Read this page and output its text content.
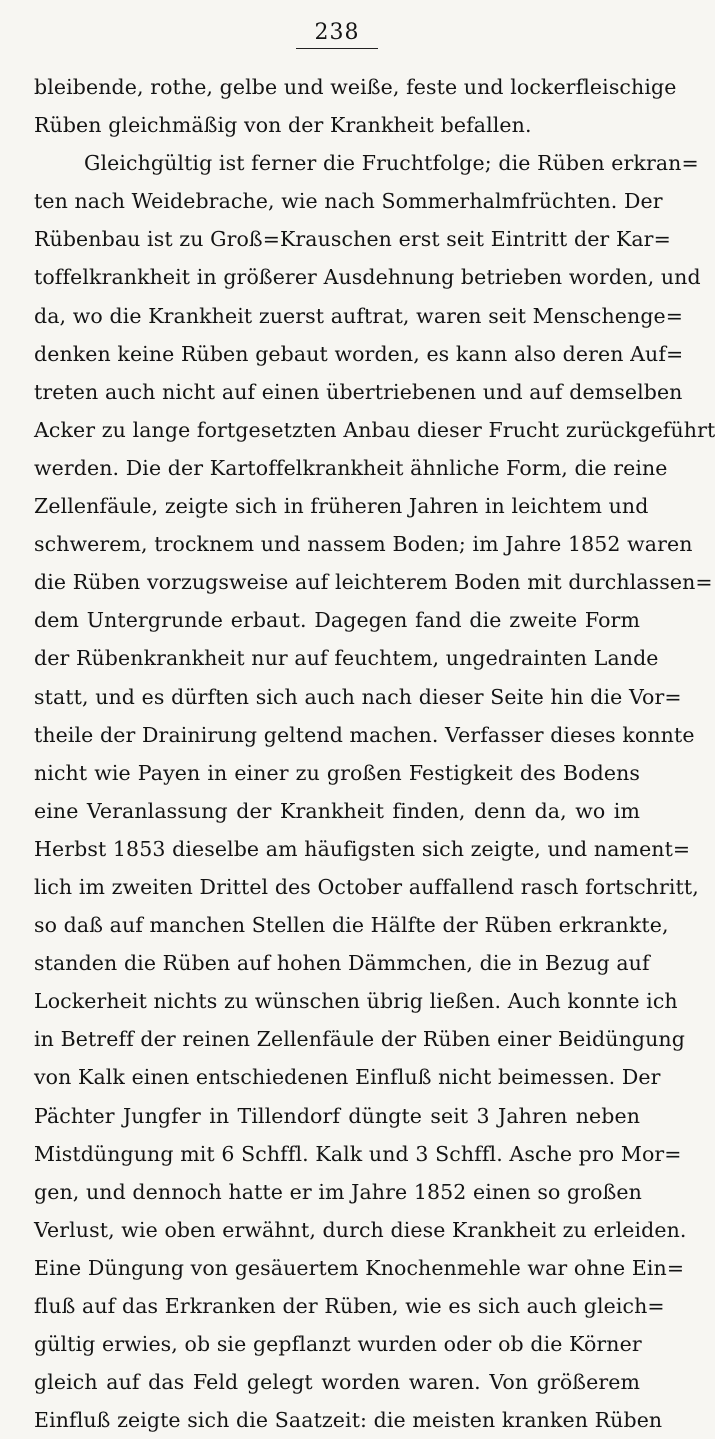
238
bleibende, rothe, gelbe und weiße, feste und lockerfleischige
Rüben gleichmäßig von der Krankheit befallen.
Gleichgültig ist ferner die Fruchtfolge; die Rüben erkran=
ten nach Weidebrache, wie nach Sommerhalmfrüchten. Der
Rübenbau ist zu Groß=Krauschen erst seit Eintritt der Kar=
toffelkrankheit in größerer Ausdehnung betrieben worden, und
da, wo die Krankheit zuerst auftrat, waren seit Menschenge=
denken keine Rüben gebaut worden, es kann also deren Auf=
treten auch nicht auf einen übertriebenen und auf demselben
Acker zu lange fortgesetzten Anbau dieser Frucht zurückgeführt
werden. Die der Kartoffelkrankheit ähnliche Form, die reine
Zellenfäule, zeigte sich in früheren Jahren in leichtem und
schwerem, trocknem und nassem Boden; im Jahre 1852 waren
die Rüben vorzugsweise auf leichterem Boden mit durchlassen=
dem Untergrunde erbaut. Dagegen fand die zweite Form
der Rübenkrankheit nur auf feuchtem, ungedrainten Lande
statt, und es dürften sich auch nach dieser Seite hin die Vor=
theile der Drainirung geltend machen. Verfasser dieses konnte
nicht wie Payen in einer zu großen Festigkeit des Bodens
eine Veranlassung der Krankheit finden, denn da, wo im
Herbst 1853 dieselbe am häufigsten sich zeigte, und nament=
lich im zweiten Drittel des October auffallend rasch fortschritt,
so daß auf manchen Stellen die Hälfte der Rüben erkrankte,
standen die Rüben auf hohen Dämmchen, die in Bezug auf
Lockerheit nichts zu wünschen übrig ließen. Auch konnte ich
in Betreff der reinen Zellenfäule der Rüben einer Beidüngung
von Kalk einen entschiedenen Einfluß nicht beimessen. Der
Pächter Jungfer in Tillendorf düngte seit 3 Jahren neben
Mistdüngung mit 6 Schffl. Kalk und 3 Schffl. Asche pro Mor=
gen, und dennoch hatte er im Jahre 1852 einen so großen
Verlust, wie oben erwähnt, durch diese Krankheit zu erleiden.
Eine Düngung von gesäuertem Knochenmehle war ohne Ein=
fluß auf das Erkranken der Rüben, wie es sich auch gleich=
gültig erwies, ob sie gepflanzt wurden oder ob die Körner
gleich auf das Feld gelegt worden waren. Von größerem
Einfluß zeigte sich die Saatzeit: die meisten kranken Rüben
